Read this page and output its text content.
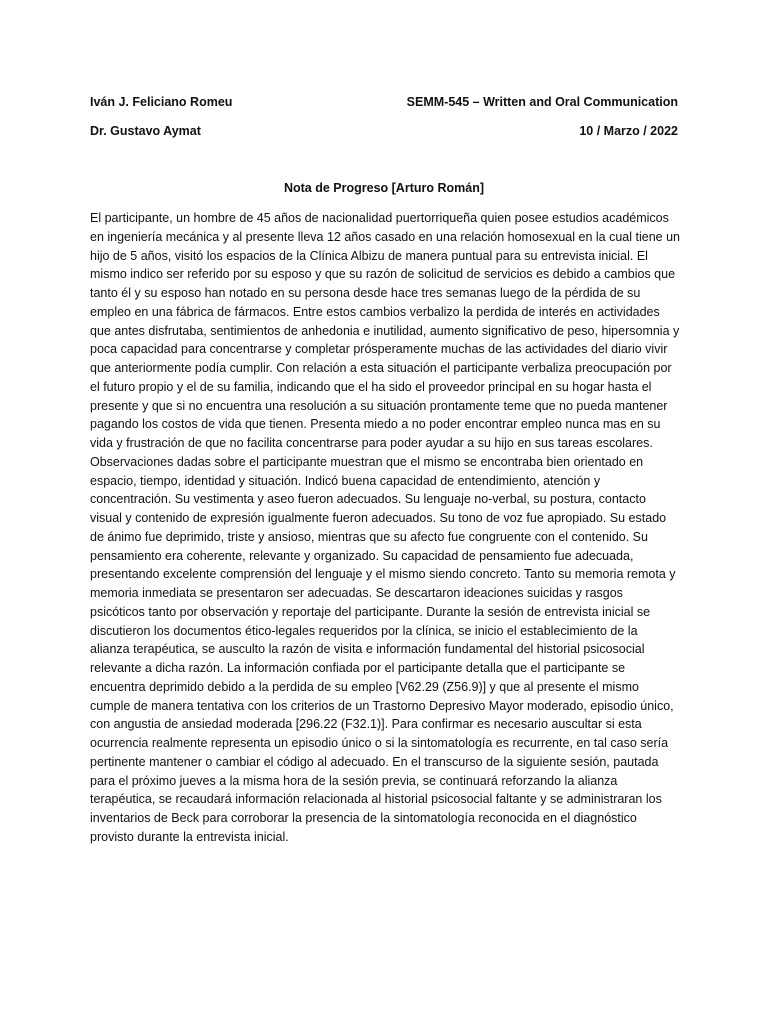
Iván J. Feliciano Romeu	SEMM-545 – Written and Oral Communication
Dr. Gustavo Aymat	10 / Marzo / 2022
Nota de Progreso [Arturo Román]

El participante, un hombre de 45 años de nacionalidad puertorriqueña quien posee estudios académicos en ingeniería mecánica y al presente lleva 12 años casado en una relación homosexual en la cual tiene un hijo de 5 años, visitó los espacios de la Clínica Albizu de manera puntual para su entrevista inicial. El mismo indico ser referido por su esposo y que su razón de solicitud de servicios es debido a cambios que tanto él y su esposo han notado en su persona desde hace tres semanas luego de la pérdida de su empleo en una fábrica de fármacos. Entre estos cambios verbalizo la perdida de interés en actividades que antes disfrutaba, sentimientos de anhedonia e inutilidad, aumento significativo de peso, hipersomnia y poca capacidad para concentrarse y completar prósperamente muchas de las actividades del diario vivir que anteriormente podía cumplir. Con relación a esta situación el participante verbaliza preocupación por el futuro propio y el de su familia, indicando que el ha sido el proveedor principal en su hogar hasta el presente y que si no encuentra una resolución a su situación prontamente teme que no pueda mantener pagando los costos de vida que tienen. Presenta miedo a no poder encontrar empleo nunca mas en su vida y frustración de que no facilita concentrarse para poder ayudar a su hijo en sus tareas escolares. Observaciones dadas sobre el participante muestran que el mismo se encontraba bien orientado en espacio, tiempo, identidad y situación. Indicó buena capacidad de entendimiento, atención y concentración. Su vestimenta y aseo fueron adecuados. Su lenguaje no-verbal, su postura, contacto visual y contenido de expresión igualmente fueron adecuados. Su tono de voz fue apropiado. Su estado de ánimo fue deprimido, triste y ansioso, mientras que su afecto fue congruente con el contenido. Su pensamiento era coherente, relevante y organizado. Su capacidad de pensamiento fue adecuada, presentando excelente comprensión del lenguaje y el mismo siendo concreto. Tanto su memoria remota y memoria inmediata se presentaron ser adecuadas. Se descartaron ideaciones suicidas y rasgos psicóticos tanto por observación y reportaje del participante. Durante la sesión de entrevista inicial se discutieron los documentos ético-legales requeridos por la clínica, se inicio el establecimiento de la alianza terapéutica, se ausculto la razón de visita e información fundamental del historial psicosocial relevante a dicha razón. La información confiada por el participante detalla que el participante se encuentra deprimido debido a la perdida de su empleo [V62.29 (Z56.9)] y que al presente el mismo cumple de manera tentativa con los criterios de un Trastorno Depresivo Mayor moderado, episodio único, con angustia de ansiedad moderada [296.22 (F32.1)]. Para confirmar es necesario auscultar si esta ocurrencia realmente representa un episodio único o si la sintomatología es recurrente, en tal caso sería pertinente mantener o cambiar el código al adecuado. En el transcurso de la siguiente sesión, pautada para el próximo jueves a la misma hora de la sesión previa, se continuará reforzando la alianza terapéutica, se recaudará información relacionada al historial psicosocial faltante y se administraran los inventarios de Beck para corroborar la presencia de la sintomatología reconocida en el diagnóstico provisto durante la entrevista inicial.
